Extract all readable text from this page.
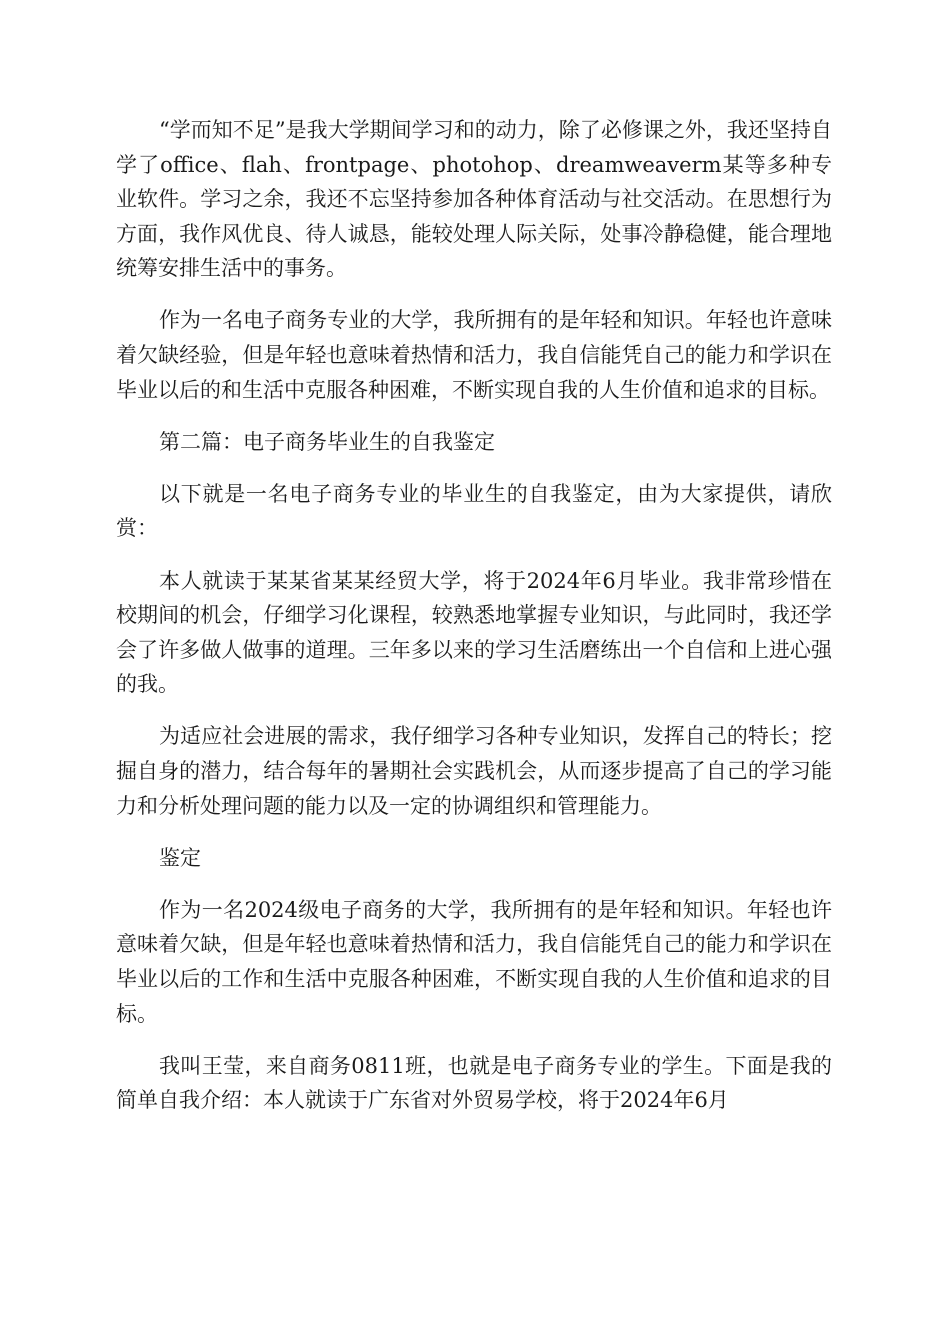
“学而知不足”是我大学期间学习和的动力，除了必修课之外，我还坚持自学了office、flah、frontpage、photohop、dreamweaverm某等多种专业软件。学习之余，我还不忘坚持参加各种体育活动与社交活动。在思想行为方面，我作风优良、待人诚恳，能较处理人际关际，处事冷静稳健，能合理地统筹安排生活中的事务。

作为一名电子商务专业的大学，我所拥有的是年轻和知识。年轻也许意味着欠缺经验，但是年轻也意味着热情和活力，我自信能凭自己的能力和学识在毕业以后的和生活中克服各种困难，不断实现自我的人生价值和追求的目标。

第二篇：电子商务毕业生的自我鉴定

以下就是一名电子商务专业的毕业生的自我鉴定，由为大家提供，请欣赏：

本人就读于某某省某某经贸大学，将于2024年6月毕业。我非常珍惜在校期间的机会，仔细学习化课程，较熟悉地掌握专业知识，与此同时，我还学会了许多做人做事的道理。三年多以来的学习生活磨练出一个自信和上进心强的我。

为适应社会进展的需求，我仔细学习各种专业知识，发挥自己的特长；挖掘自身的潜力，结合每年的暑期社会实践机会，从而逐步提高了自己的学习能力和分析处理问题的能力以及一定的协调组织和管理能力。

鉴定

作为一名2024级电子商务的大学，我所拥有的是年轻和知识。年轻也许意味着欠缺，但是年轻也意味着热情和活力，我自信能凭自己的能力和学识在毕业以后的工作和生活中克服各种困难，不断实现自我的人生价值和追求的目标。

我叫王莹，来自商务0811班，也就是电子商务专业的学生。下面是我的简单自我介绍：本人就读于广东省对外贸易学校，将于2024年6月
